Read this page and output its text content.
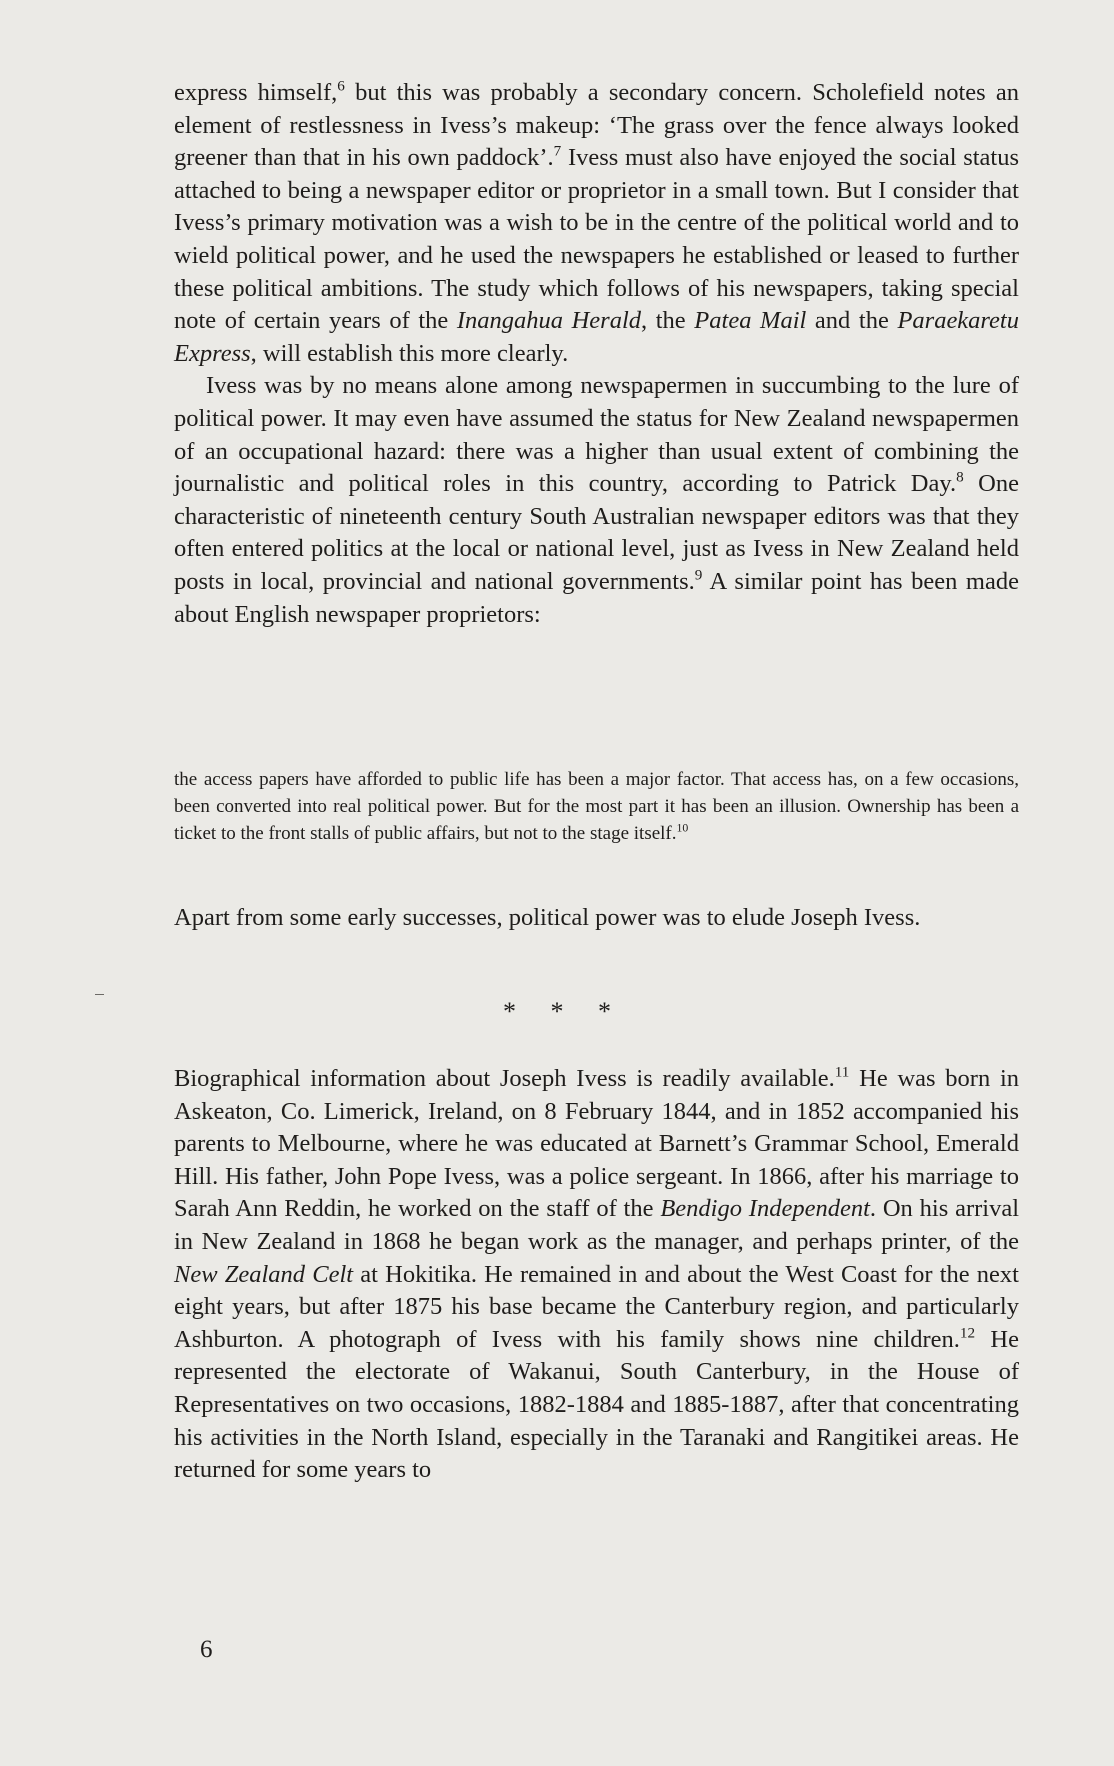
express himself,$^6$ but this was probably a secondary concern. Scholefield notes an element of restlessness in Ivess’s makeup: ‘The grass over the fence always looked greener than that in his own paddock’.$^7$ Ivess must also have enjoyed the social status attached to being a newspaper editor or proprietor in a small town. But I consider that Ivess’s primary motivation was a wish to be in the centre of the political world and to wield political power, and he used the newspapers he established or leased to further these political ambitions. The study which follows of his newspapers, taking special note of certain years of the Inangahua Herald, the Patea Mail and the Paraekaretu Express, will establish this more clearly.

Ivess was by no means alone among newspapermen in succumbing to the lure of political power. It may even have assumed the status for New Zealand newspapermen of an occupational hazard: there was a higher than usual extent of combining the journalistic and political roles in this country, according to Patrick Day.$^8$ One characteristic of nineteenth century South Australian newspaper editors was that they often entered politics at the local or national level, just as Ivess in New Zealand held posts in local, provincial and national governments.$^9$ A similar point has been made about English newspaper proprietors:

the access papers have afforded to public life has been a major factor. That access has, on a few occasions, been converted into real political power. But for the most part it has been an illusion. Ownership has been a ticket to the front stalls of public affairs, but not to the stage itself.$^{10}$

Apart from some early successes, political power was to elude Joseph Ivess.

* * *

Biographical information about Joseph Ivess is readily available.$^{11}$ He was born in Askeaton, Co. Limerick, Ireland, on 8 February 1844, and in 1852 accompanied his parents to Melbourne, where he was educated at Barnett’s Grammar School, Emerald Hill. His father, John Pope Ivess, was a police sergeant. In 1866, after his marriage to Sarah Ann Reddin, he worked on the staff of the Bendigo Independent. On his arrival in New Zealand in 1868 he began work as the manager, and perhaps printer, of the New Zealand Celt at Hokitika. He remained in and about the West Coast for the next eight years, but after 1875 his base became the Canterbury region, and particularly Ashburton. A photograph of Ivess with his family shows nine children.$^{12}$ He represented the electorate of Wakanui, South Canterbury, in the House of Representatives on two occasions, 1882-1884 and 1885-1887, after that concentrating his activities in the North Island, especially in the Taranaki and Rangitikei areas. He returned for some years to

6
